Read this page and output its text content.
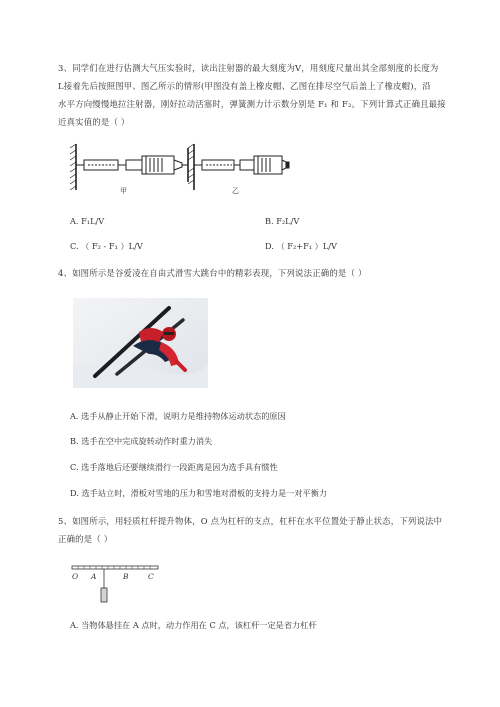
3、同学们在进行估测大气压实验时，读出注射器的最大刻度为V，用刻度尺量出其全部刻度的长度为
L接着先后按照图甲、图乙所示的情形(甲图没有盖上橡皮帽、乙图在排尽空气后盖上了橡皮帽)，沿
水平方向慢慢地拉注射器，刚好拉动活塞时，弹簧测力计示数分别是 F₁ 和 F₂。下列计算式正确且最接
近真实值的是（ ）
甲	乙
A. F₁L/V	B. F₂L/V
C. （ F₂ - F₁ ）L/V	D. （ F₂+F₁ ）L/V
4、如图所示是谷爱凌在自由式滑雪大跳台中的精彩表现，下列说法正确的是（ ）
A. 选手从静止开始下滑，说明力是维持物体运动状态的原因
B. 选手在空中完成旋转动作时重力消失
C. 选手落地后还要继续滑行一段距离是因为选手具有惯性
D. 选手站立时，滑板对雪地的压力和雪地对滑板的支持力是一对平衡力
5、如图所示，用轻质杠杆提升物体，O 点为杠杆的支点，杠杆在水平位置处于静止状态，下列说法中
正确的是（ ）
O A	B	C
A. 当物体悬挂在 A 点时，动力作用在 C 点，该杠杆一定是省力杠杆
